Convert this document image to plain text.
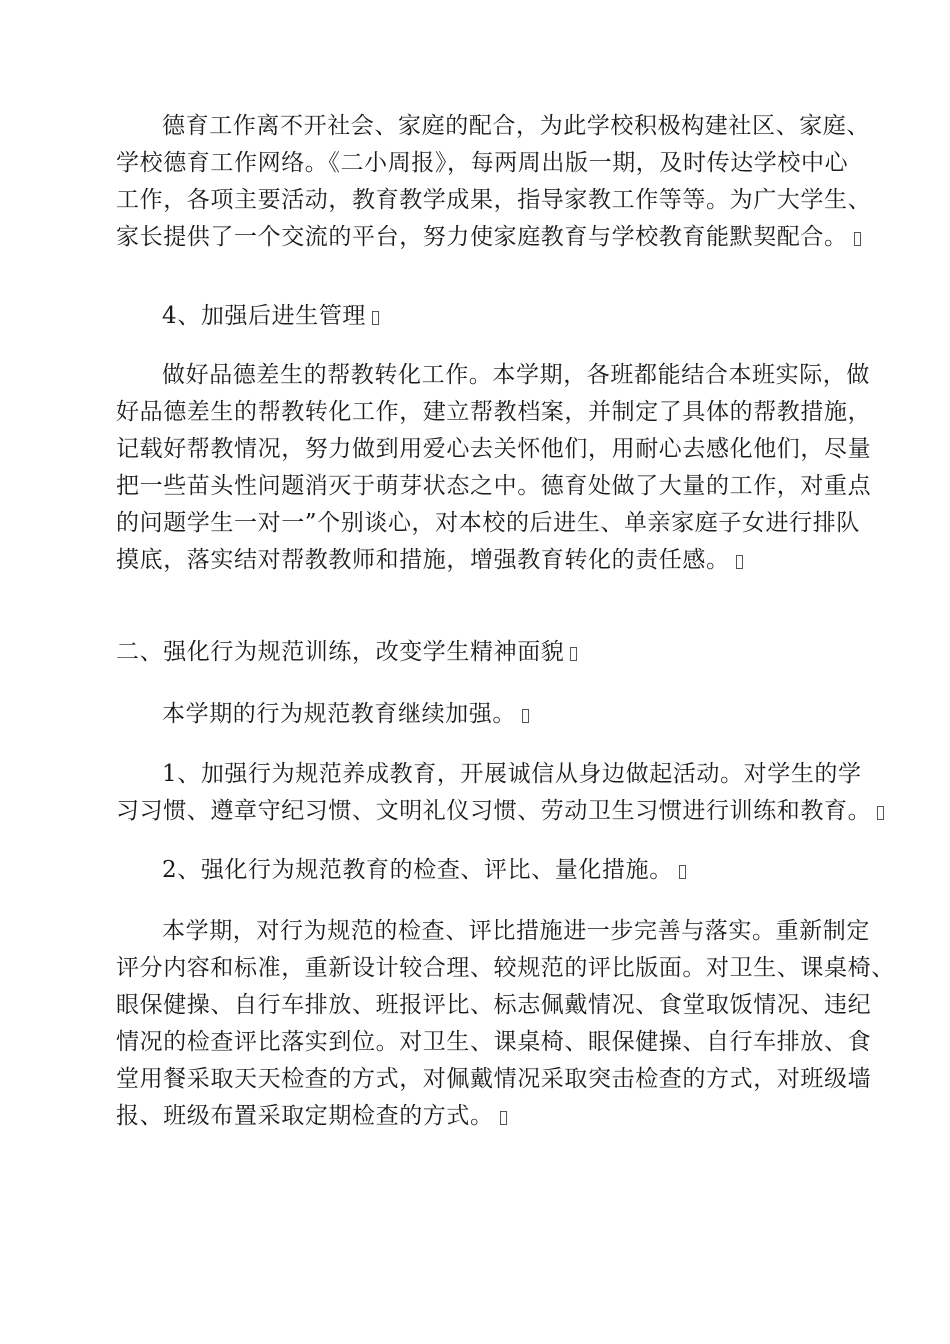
德育工作离不开社会、家庭的配合，为此学校积极构建社区、家庭、
学校德育工作网络。《二小周报》，每两周出版一期，及时传达学校中心
工作，各项主要活动，教育教学成果，指导家教工作等等。为广大学生、
家长提供了一个交流的平台，努力使家庭教育与学校教育能默契配合。

4、加强后进生管理

做好品德差生的帮教转化工作。本学期，各班都能结合本班实际，做
好品德差生的帮教转化工作，建立帮教档案，并制定了具体的帮教措施，
记载好帮教情况，努力做到用爱心去关怀他们，用耐心去感化他们，尽量
把一些苗头性问题消灭于萌芽状态之中。德育处做了大量的工作，对重点
的问题学生一对一”个别谈心，对本校的后进生、单亲家庭子女进行排队
摸底，落实结对帮教教师和措施，增强教育转化的责任感。

二、强化行为规范训练，改变学生精神面貌

本学期的行为规范教育继续加强。

1、加强行为规范养成教育，开展诚信从身边做起活动。对学生的学
习习惯、遵章守纪习惯、文明礼仪习惯、劳动卫生习惯进行训练和教育。

2、强化行为规范教育的检查、评比、量化措施。

本学期，对行为规范的检查、评比措施进一步完善与落实。重新制定
评分内容和标准，重新设计较合理、较规范的评比版面。对卫生、课桌椅、
眼保健操、自行车排放、班报评比、标志佩戴情况、食堂取饭情况、违纪
情况的检查评比落实到位。对卫生、课桌椅、眼保健操、自行车排放、食
堂用餐采取天天检查的方式，对佩戴情况采取突击检查的方式，对班级墙
报、班级布置采取定期检查的方式。
